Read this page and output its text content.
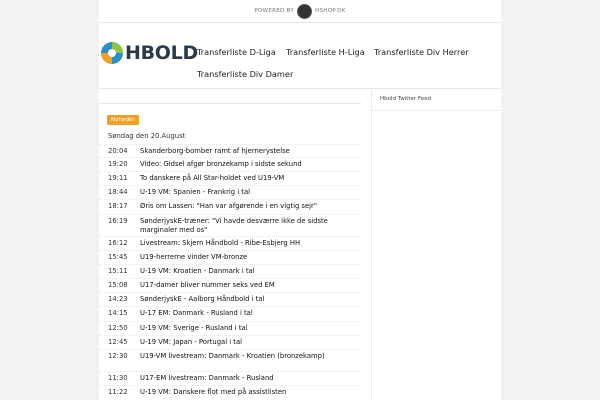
POWERED BY	HSHOP.DK
HBOLD Transferliste D-Liga Transferliste H-Liga Transferliste Div Herrer
Transferliste Div Damer
Nyheder
Søndag den 20.August
20:04 Skanderborg-bomber ramt af hjernerystelse
19:20 Video: Gidsel afgør bronzekamp i sidste sekund
19:11 To danskere på All Star-holdet ved U19-VM
18:44 U-19 VM: Spanien - Frankrig i tal
18:17 Øris om Lassen: "Han var afgørende i en vigtig sejr"
16:19 SønderjyskE-træner: "Vi havde desværre ikke de sidste marginaler med os"
16:12 Livestream: Skjern Håndbold - Ribe-Esbjerg HH
15:45 U19-herrerne vinder VM-bronze
15:11 U-19 VM: Kroatien - Danmark i tal
15:08 U17-damer bliver nummer seks ved EM
14:23 SønderjyskE - Aalborg Håndbold i tal
14:15 U-17 EM: Danmark - Rusland i tal
12:50 U-19 VM: Sverige - Rusland i tal
12:45 U-19 VM: Japan - Portugal i tal
12:30 U19-VM livestream: Danmark - Kroatien (bronzekamp)
11:30 U17-EM livestream: Danmark - Rusland
11:22 U-19 VM: Danskere flot med på assistlisten
Hbold Twitter Feed
